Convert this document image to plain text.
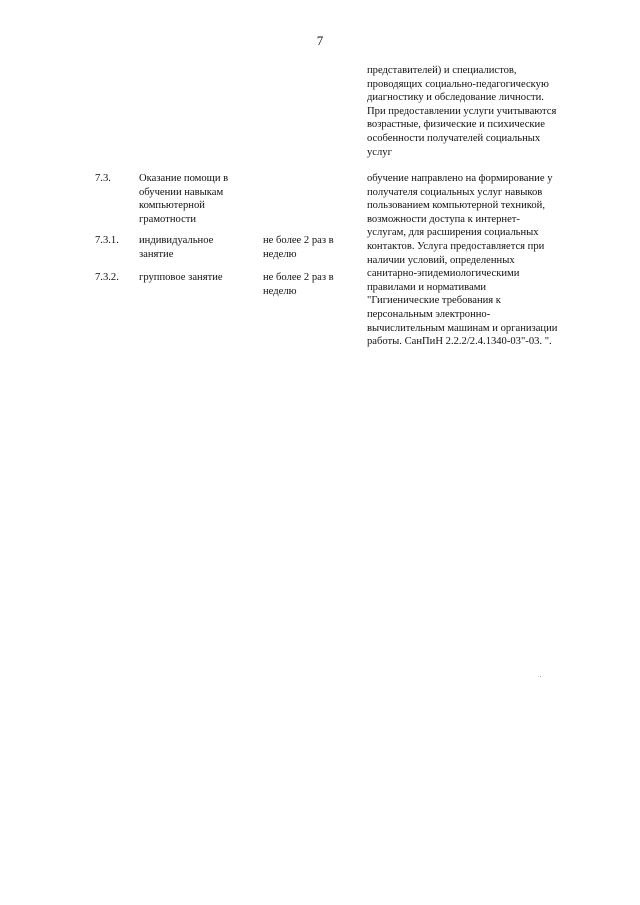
7
представителей) и специалистов,
проводящих социально-педагогическую
диагностику и обследование личности.
При предоставлении услуги учитываются
возрастные, физические и психические
особенности получателей социальных
услуг
7.3.	Оказание помощи в
обучении навыкам
компьютерной
грамотности
обучение направлено на формирование у
получателя социальных услуг навыков
пользованием компьютерной техникой,
возможности доступа к интернет-
услугам, для расширения социальных
контактов. Услуга предоставляется при
наличии условий, определенных
санитарно-эпидемиологическими
правилами и нормативами
"Гигиенические требования к
персональным электронно-
вычислительным машинам и организации
работы. СанПиН 2.2.2/2.4.1340-03"-03. ".
7.3.1. индивидуальное
занятие
не более 2 раз в
неделю
7.3.2. групповое занятие	не более 2 раз в
неделю
